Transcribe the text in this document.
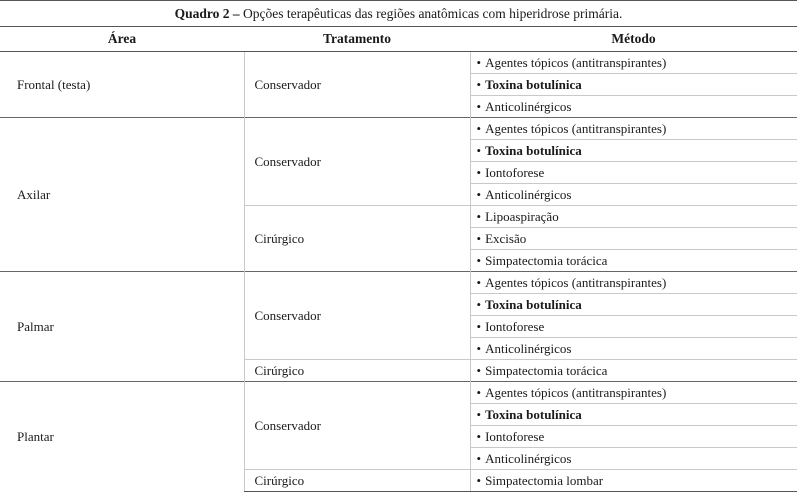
Quadro 2 – Opções terapêuticas das regiões anatômicas com hiperidrose primária.
Área	Tratamento	Método
Frontal (testa)	Conservador	• Agentes tópicos (antitranspirantes)
		• Toxina botulínica
		• Anticolinérgicos
Axilar	Conservador	• Agentes tópicos (antitranspirantes)
		• Toxina botulínica
		• Iontoforese
		• Anticolinérgicos
	Cirúrgico	• Lipoaspiração
		• Excisão
		• Simpatectomia torácica
Palmar	Conservador	• Agentes tópicos (antitranspirantes)
		• Toxina botulínica
		• Iontoforese
		• Anticolinérgicos
	Cirúrgico	• Simpatectomia torácica
Plantar	Conservador	• Agentes tópicos (antitranspirantes)
		• Toxina botulínica
		• Iontoforese
		• Anticolinérgicos
	Cirúrgico	• Simpatectomia lombar
